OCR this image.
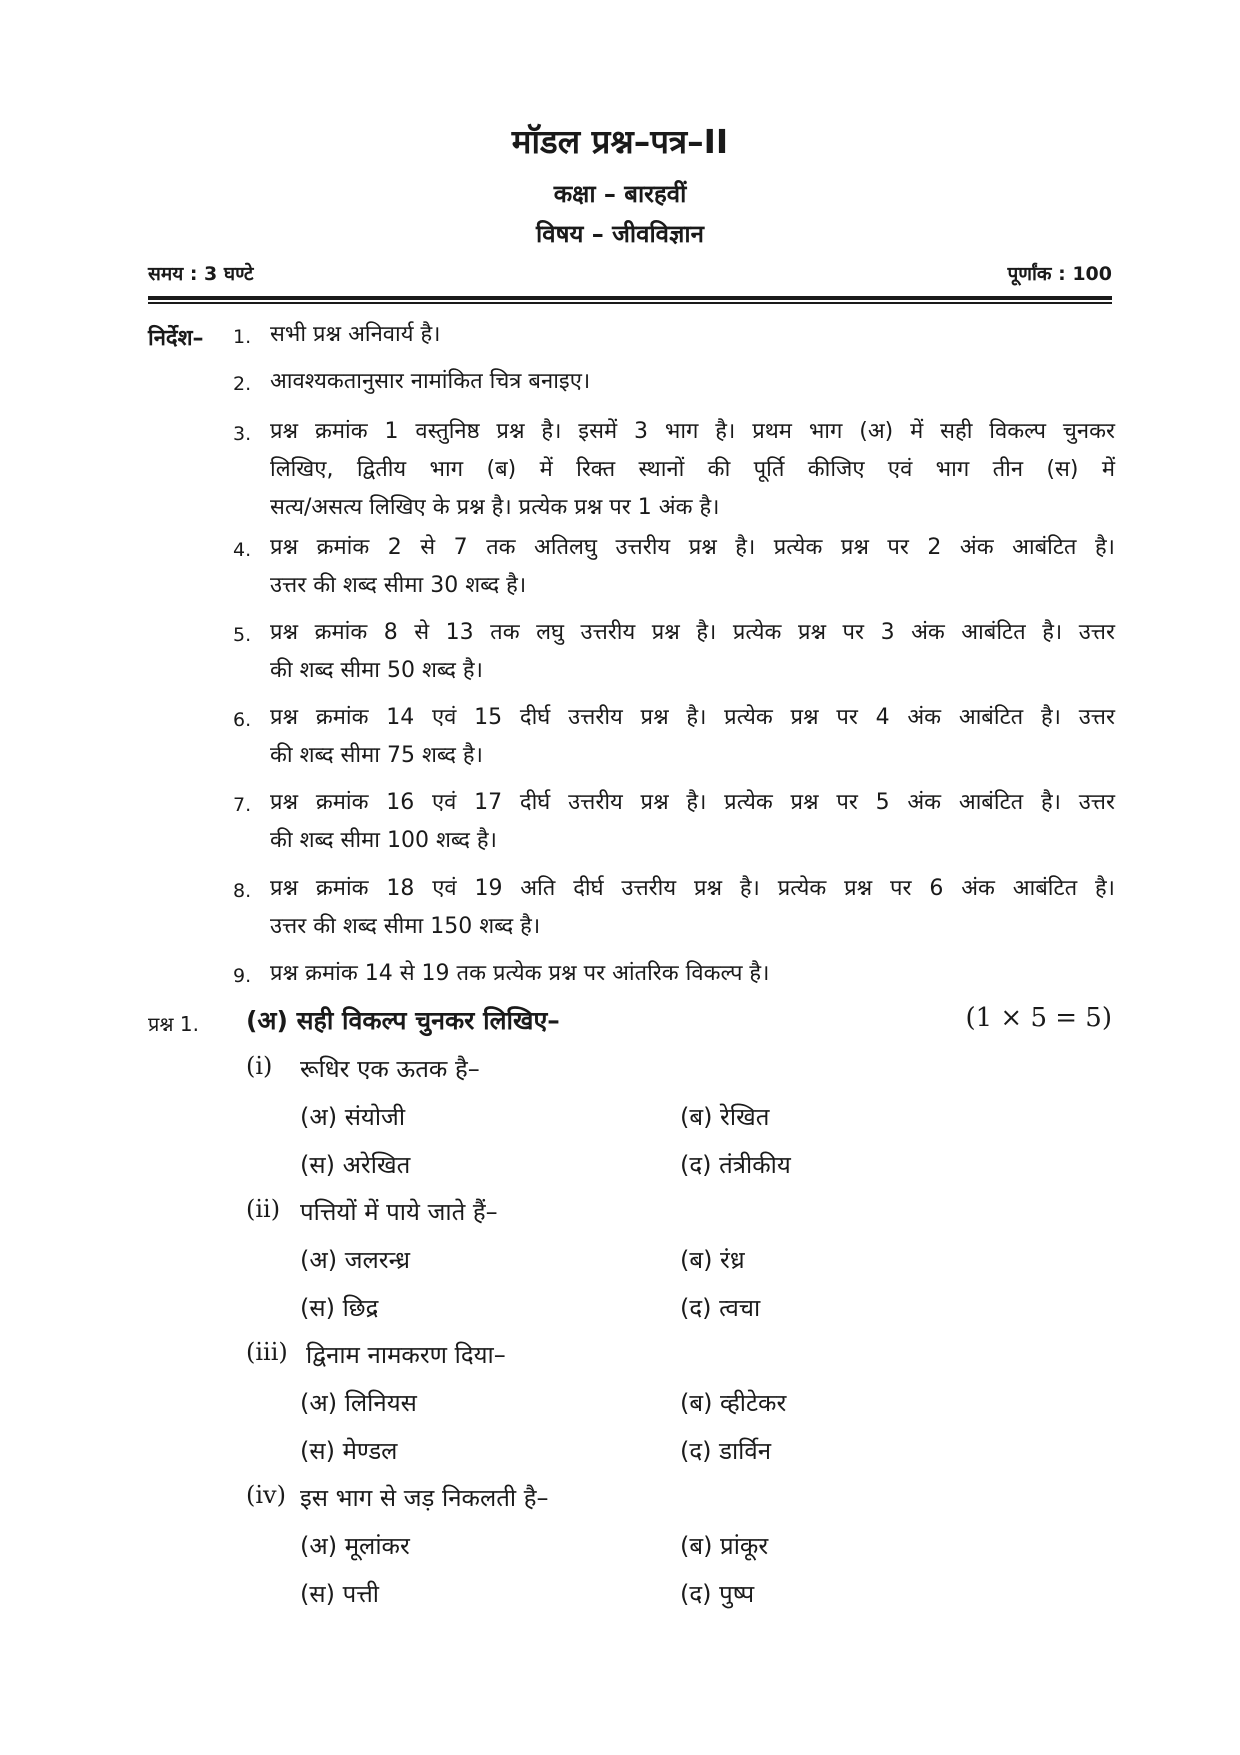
मॉडल प्रश्न–पत्र–II
कक्षा – बारहवीं
विषय – जीवविज्ञान
समय : 3 घण्टे	पूर्णांक : 100
निर्देश– 1. सभी प्रश्न अनिवार्य है।
2. आवश्यकतानुसार नामांकित चित्र बनाइए।
3. प्रश्न क्रमांक 1 वस्तुनिष्ठ प्रश्न है। इसमें 3 भाग है। प्रथम भाग (अ) में सही विकल्प चुनकर
लिखिए, द्वितीय भाग (ब) में रिक्त स्थानों की पूर्ति कीजिए एवं भाग तीन (स) में
सत्य/असत्य लिखिए के प्रश्न है। प्रत्येक प्रश्न पर 1 अंक है।
4. प्रश्न क्रमांक 2 से 7 तक अतिलघु उत्तरीय प्रश्न है। प्रत्येक प्रश्न पर 2 अंक आबंटित है।
उत्तर की शब्द सीमा 30 शब्द है।
5. प्रश्न क्रमांक 8 से 13 तक लघु उत्तरीय प्रश्न है। प्रत्येक प्रश्न पर 3 अंक आबंटित है। उत्तर
की शब्द सीमा 50 शब्द है।
6. प्रश्न क्रमांक 14 एवं 15 दीर्घ उत्तरीय प्रश्न है। प्रत्येक प्रश्न पर 4 अंक आबंटित है। उत्तर
की शब्द सीमा 75 शब्द है।
7. प्रश्न क्रमांक 16 एवं 17 दीर्घ उत्तरीय प्रश्न है। प्रत्येक प्रश्न पर 5 अंक आबंटित है। उत्तर
की शब्द सीमा 100 शब्द है।
8. प्रश्न क्रमांक 18 एवं 19 अति दीर्घ उत्तरीय प्रश्न है। प्रत्येक प्रश्न पर 6 अंक आबंटित है।
उत्तर की शब्द सीमा 150 शब्द है।
9. प्रश्न क्रमांक 14 से 19 तक प्रत्येक प्रश्न पर आंतरिक विकल्प है।
प्रश्न 1. (अ) सही विकल्प चुनकर लिखिए–	(1 × 5 = 5)
(i) रूधिर एक ऊतक है–
(अ) संयोजी	(ब) रेखित
(स) अरेखित	(द) तंत्रीकीय
(ii) पत्तियों में पाये जाते हैं–
(अ) जलरन्ध्र	(ब) रंध्र
(स) छिद्र	(द) त्वचा
(iii) द्विनाम नामकरण दिया–
(अ) लिनियस	(ब) व्हीटेकर
(स) मेण्डल	(द) डार्विन
(iv) इस भाग से जड़ निकलती है–
(अ) मूलांकर	(ब) प्रांकूर
(स) पत्ती	(द) पुष्प
